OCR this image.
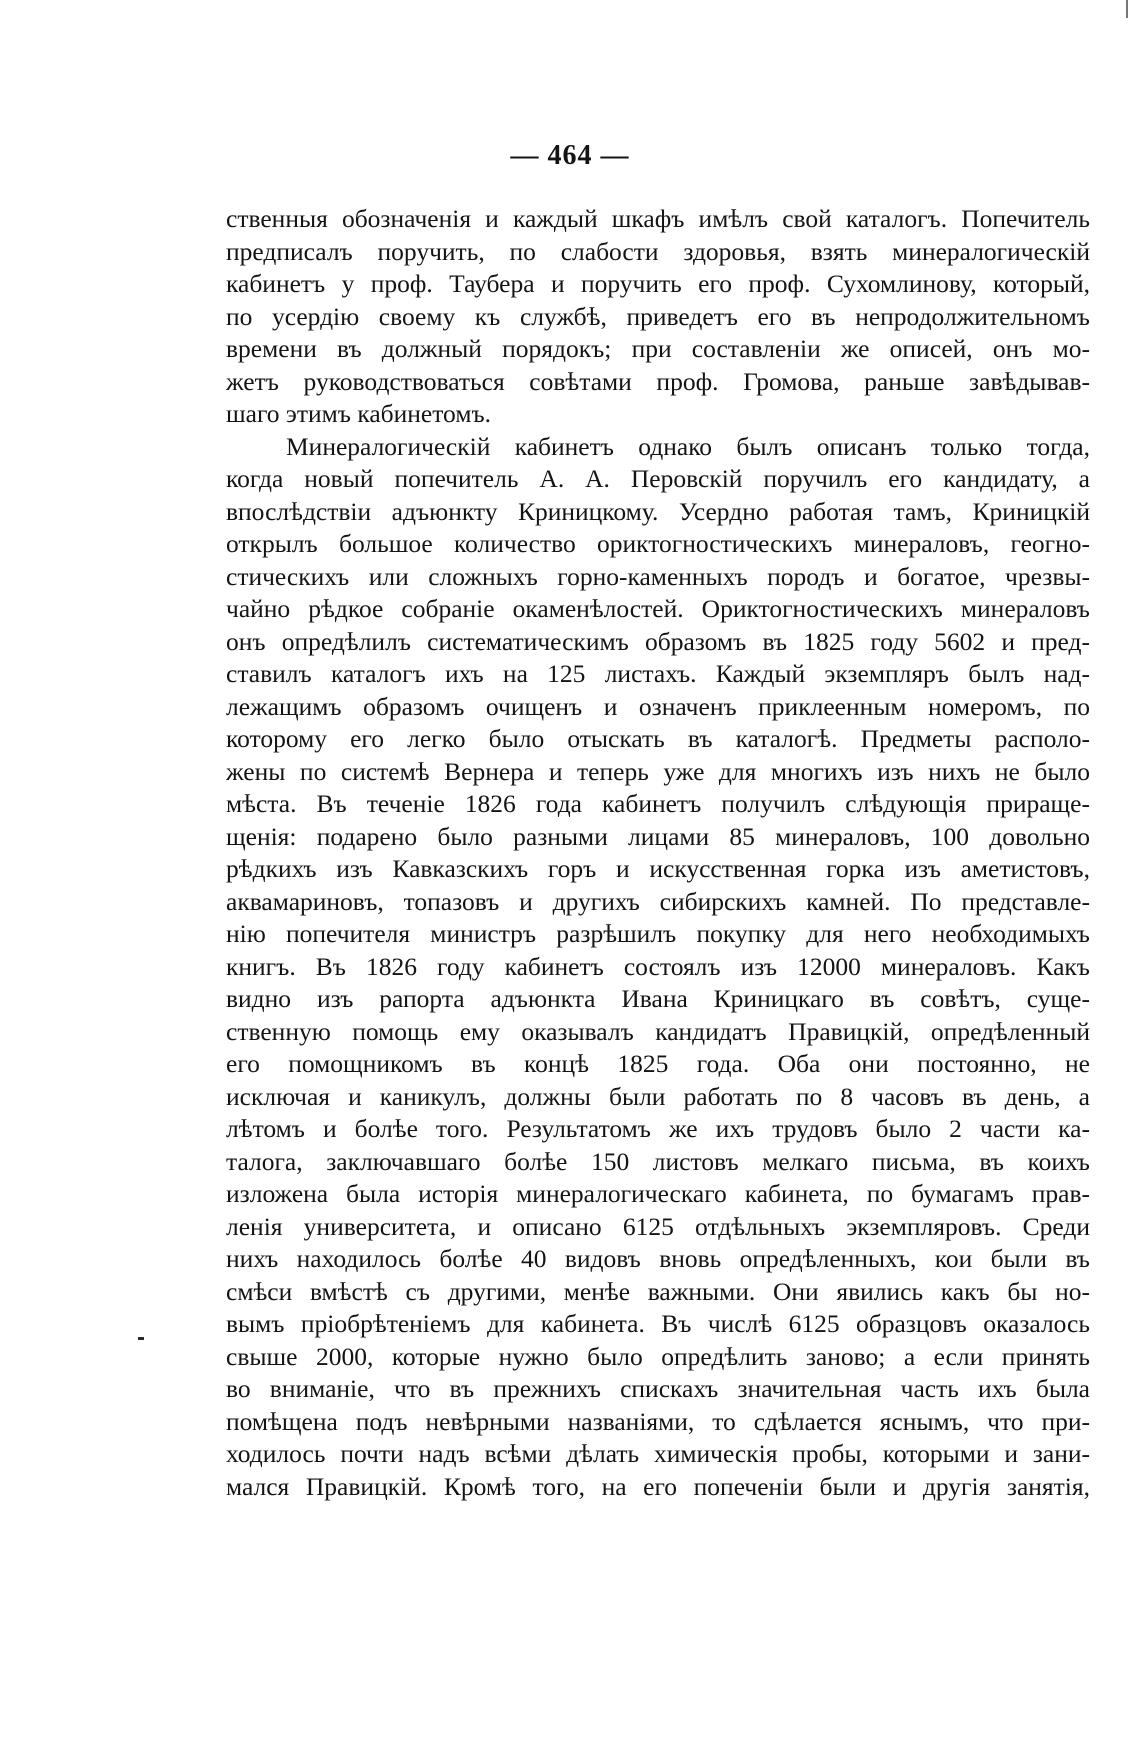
— 464 —
ственныя обозначенія и каждый шкафъ имѣлъ свой каталогъ. Попечитель
предписалъ поручить, по слабости здоровья, взять минералогическій
кабинетъ у проф. Таубера и поручить его проф. Сухомлинову, который,
по усердію своему къ службѣ, приведетъ его въ непродолжительномъ
времени въ должный порядокъ; при составленіи же описей, онъ мо-
жетъ руководствоваться совѣтами проф. Громова, раньше завѣдывав-
шаго этимъ кабинетомъ.
Минералогическій кабинетъ однако былъ описанъ только тогда,
когда новый попечитель А. А. Перовскій поручилъ его кандидату, а
впослѣдствіи адъюнкту Криницкому. Усердно работая тамъ, Криницкій
открылъ большое количество ориктогностическихъ минераловъ, геогно-
стическихъ или сложныхъ горно-каменныхъ породъ и богатое, чрезвы-
чайно рѣдкое собраніе окаменѣлостей. Ориктогностическихъ минераловъ
онъ опредѣлилъ систематическимъ образомъ въ 1825 году 5602 и пред-
ставилъ каталогъ ихъ на 125 листахъ. Каждый экземпляръ былъ над-
лежащимъ образомъ очищенъ и означенъ приклеенным номеромъ, по
которому его легко было отыскать въ каталогѣ. Предметы располо-
жены по системѣ Вернера и теперь уже для многихъ изъ нихъ не было
мѣста. Въ теченіе 1826 года кабинетъ получилъ слѣдующія приращe-
щенія: подарено было разными лицами 85 минераловъ, 100 довольно
рѣдкихъ изъ Кавказскихъ горъ и искусственная горка изъ аметистовъ,
аквамариновъ, топазовъ и другихъ сибирскихъ камней. По представле-
нію попечителя министръ разрѣшилъ покупку для него необходимыхъ
книгъ. Въ 1826 году кабинетъ состоялъ изъ 12000 минераловъ. Какъ
видно изъ рапорта адъюнкта Ивана Криницкаго въ совѣтъ, суще-
ственную помощь ему оказывалъ кандидатъ Правицкій, опредѣленный
его помощникомъ въ концѣ 1825 года. Оба они постоянно, не
исключая и каникулъ, должны были работать по 8 часовъ въ день, а
лѣтомъ и болѣе того. Результатомъ же ихъ трудовъ было 2 части ка-
талога, заключавшаго болѣе 150 листовъ мелкаго письма, въ коихъ
изложена была исторія минералогическаго кабинета, по бумагамъ прав-
ленія университета, и описано 6125 отдѣльныхъ экземпляровъ. Среди
нихъ находилось болѣе 40 видовъ вновь опредѣленныхъ, кои были въ
смѣси вмѣстѣ съ другими, менѣе важными. Они явились какъ бы но-
вымъ пріобрѣтеніемъ для кабинета. Въ числѣ 6125 образцовъ оказалось
свыше 2000, которые нужно было опредѣлить заново; а если принять
во вниманіе, что въ прежнихъ спискахъ значительная часть ихъ была
помѣщена подъ невѣрными названіями, то сдѣлается яснымъ, что при-
ходилось почти надъ всѣми дѣлать химическія пробы, которыми и зани-
мался Правицкій. Кромѣ того, на его попеченіи были и другія занятія,
